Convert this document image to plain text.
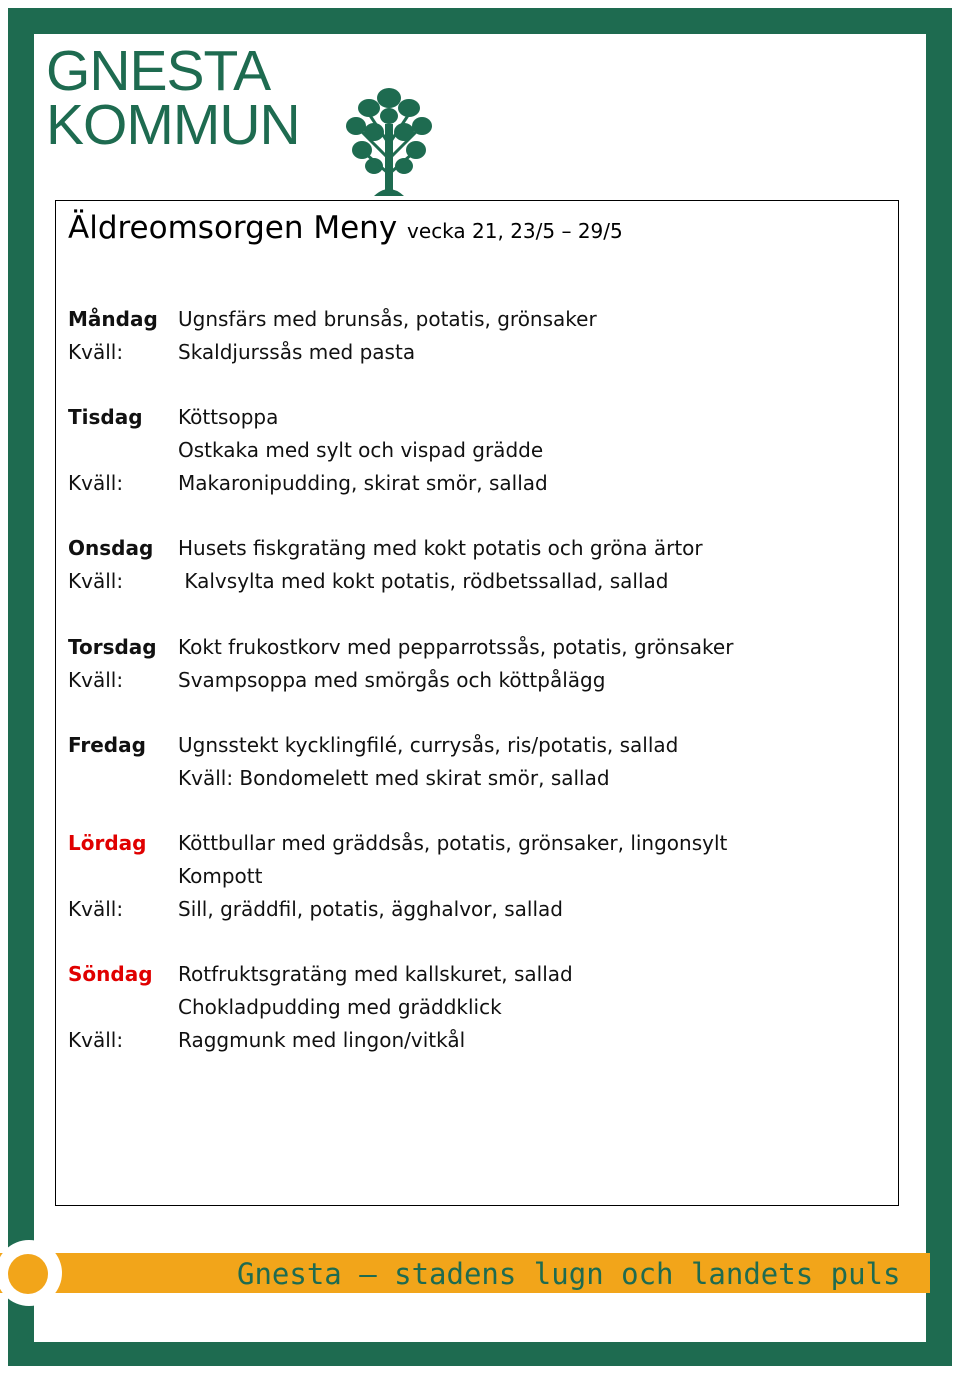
GNESTA
KOMMUN
Äldreomsorgen Meny vecka 21, 23/5 – 29/5
Måndag Ugnsfärs med brunsås, potatis, grönsaker
Kväll:	Skaldjurssås med pasta
Tisdag Köttsoppa
Ostkaka med sylt och vispad grädde
Kväll:	Makaronipudding, skirat smör, sallad
Onsdag Husets fiskgratäng med kokt potatis och gröna ärtor
Kväll:	Kalvsylta med kokt potatis, rödbetssallad, sallad
Torsdag Kokt frukostkorv med pepparrotssås, potatis, grönsaker
Kväll:	Svampsoppa med smörgås och köttpålägg
Fredag Ugnsstekt kycklingfilé, currysås, ris/potatis, sallad
Kväll: Bondomelett med skirat smör, sallad
Lördag Köttbullar med gräddsås, potatis, grönsaker, lingonsylt
Kompott
Kväll:	Sill, gräddfil, potatis, ägghalvor, sallad
Söndag Rotfruktsgratäng med kallskuret, sallad
Chokladpudding med gräddklick
Kväll:	Raggmunk med lingon/vitkål
Gnesta – stadens lugn och landets puls
